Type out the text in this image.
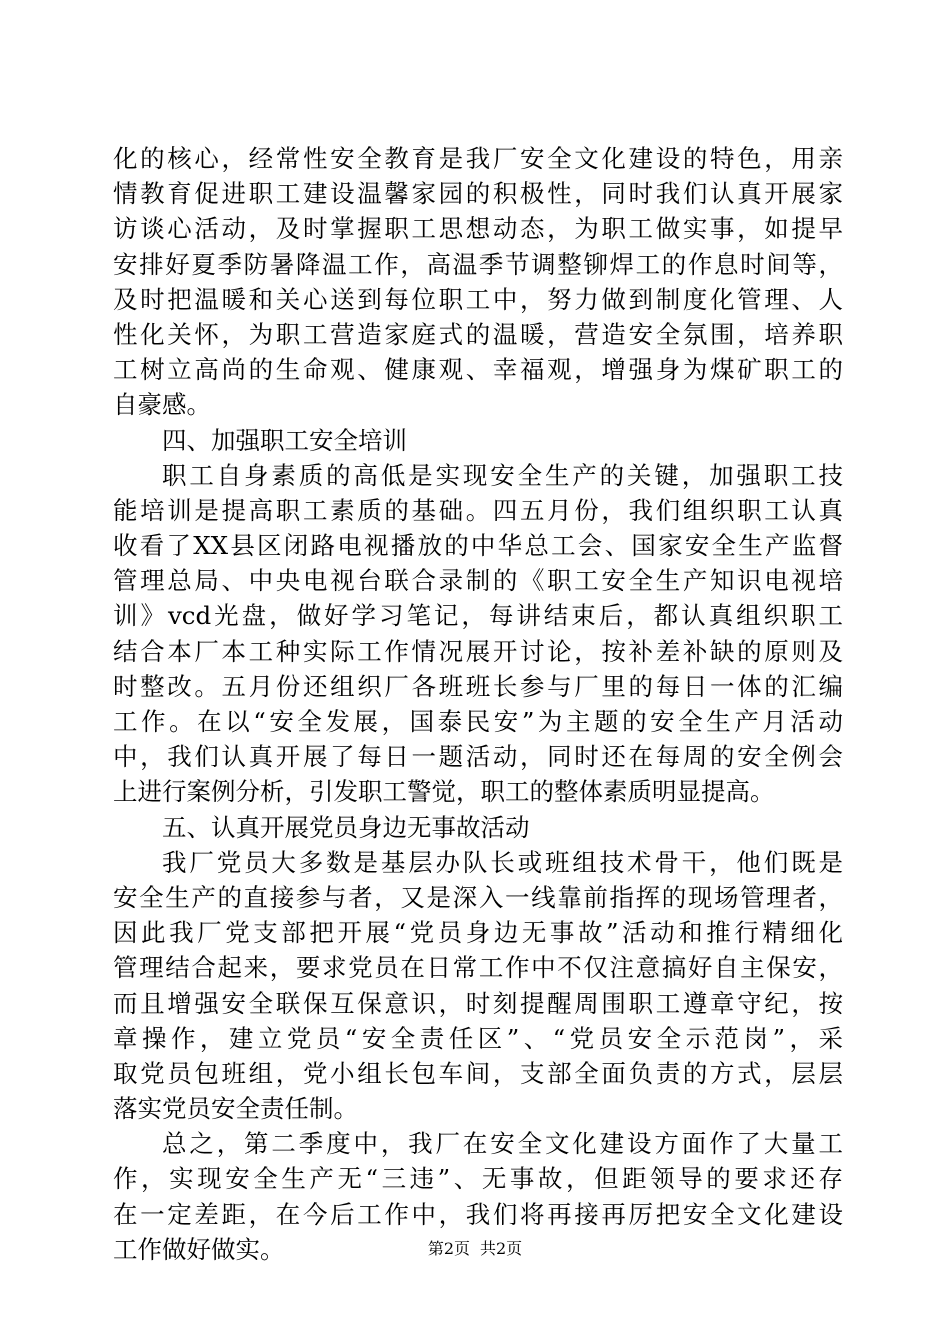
化的核心，经常性安全教育是我厂安全文化建设的特色，用亲
情教育促进职工建设温馨家园的积极性，同时我们认真开展家
访谈心活动，及时掌握职工思想动态，为职工做实事，如提早
安排好夏季防暑降温工作，高温季节调整铆焊工的作息时间等，
及时把温暖和关心送到每位职工中，努力做到制度化管理、人
性化关怀，为职工营造家庭式的温暖，营造安全氛围，培养职
工树立高尚的生命观、健康观、幸福观，增强身为煤矿职工的
自豪感。
四、加强职工安全培训
职工自身素质的高低是实现安全生产的关键，加强职工技
能培训是提高职工素质的基础。四五月份，我们组织职工认真
收看了XX县区闭路电视播放的中华总工会、国家安全生产监督
管理总局、中央电视台联合录制的《职工安全生产知识电视培
训》vcd光盘，做好学习笔记，每讲结束后，都认真组织职工
结合本厂本工种实际工作情况展开讨论，按补差补缺的原则及
时整改。五月份还组织厂各班班长参与厂里的每日一体的汇编
工作。在以“安全发展，国泰民安”为主题的安全生产月活动
中，我们认真开展了每日一题活动，同时还在每周的安全例会
上进行案例分析，引发职工警觉，职工的整体素质明显提高。
五、认真开展党员身边无事故活动
我厂党员大多数是基层办队长或班组技术骨干，他们既是
安全生产的直接参与者，又是深入一线靠前指挥的现场管理者，
因此我厂党支部把开展“党员身边无事故”活动和推行精细化
管理结合起来，要求党员在日常工作中不仅注意搞好自主保安，
而且增强安全联保互保意识，时刻提醒周围职工遵章守纪，按
章操作，建立党员“安全责任区”、“党员安全示范岗”，采
取党员包班组，党小组长包车间，支部全面负责的方式，层层
落实党员安全责任制。
总之，第二季度中，我厂在安全文化建设方面作了大量工
作，实现安全生产无“三违”、无事故，但距领导的要求还存
在一定差距，在今后工作中，我们将再接再厉把安全文化建设
工作做好做实。	第2页 共2页
